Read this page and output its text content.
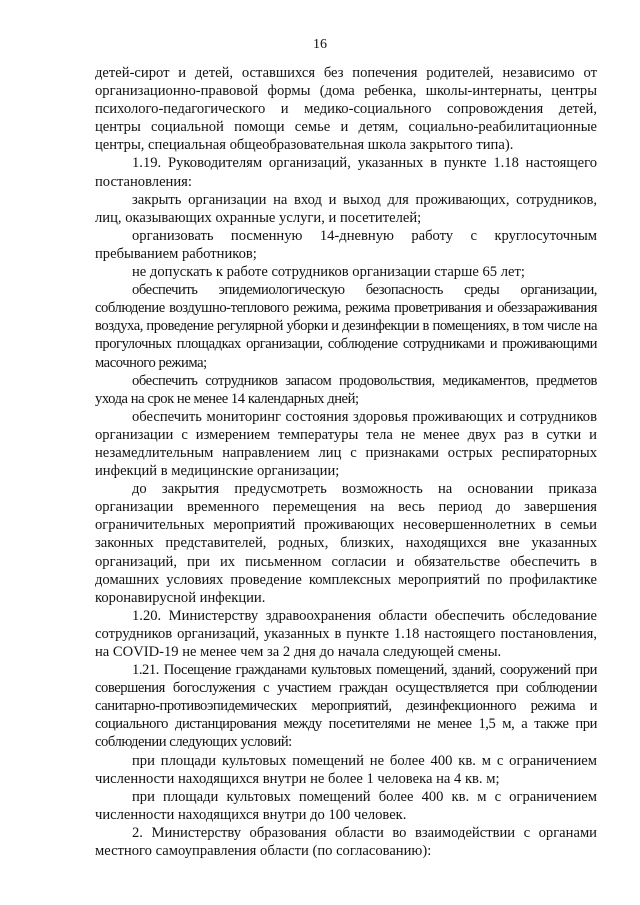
16

детей-сирот и детей, оставшихся без попечения родителей, независимо от организационно-правовой формы (дома ребенка, школы-интернаты, центры психолого-педагогического и медико-социального сопровождения детей, центры социальной помощи семье и детям, социально-реабилитационные центры, специальная общеобразовательная школа закрытого типа).

1.19. Руководителям организаций, указанных в пункте 1.18 настоящего постановления:

закрыть организации на вход и выход для проживающих, сотрудников, лиц, оказывающих охранные услуги, и посетителей;

организовать посменную 14-дневную работу с круглосуточным пребыванием работников;

не допускать к работе сотрудников организации старше 65 лет;

обеспечить эпидемиологическую безопасность среды организации, соблюдение воздушно-теплового режима, режима проветривания и обеззараживания воздуха, проведение регулярной уборки и дезинфекции в помещениях, в том числе на прогулочных площадках организации, соблюдение сотрудниками и проживающими масочного режима;

обеспечить сотрудников запасом продовольствия, медикаментов, предметов ухода на срок не менее 14 календарных дней;

обеспечить мониторинг состояния здоровья проживающих и сотрудников организации с измерением температуры тела не менее двух раз в сутки и незамедлительным направлением лиц с признаками острых респираторных инфекций в медицинские организации;

до закрытия предусмотреть возможность на основании приказа организации временного перемещения на весь период до завершения ограничительных мероприятий проживающих несовершеннолетних в семьи законных представителей, родных, близких, находящихся вне указанных организаций, при их письменном согласии и обязательстве обеспечить в домашних условиях проведение комплексных мероприятий по профилактике коронавирусной инфекции.

1.20. Министерству здравоохранения области обеспечить обследование сотрудников организаций, указанных в пункте 1.18 настоящего постановления, на COVID-19 не менее чем за 2 дня до начала следующей смены.

1.21. Посещение гражданами культовых помещений, зданий, сооружений при совершения богослужения с участием граждан осуществляется при соблюдении санитарно-противоэпидемических мероприятий, дезинфекционного режима и социального дистанцирования между посетителями не менее 1,5 м, а также при соблюдении следующих условий:

при площади культовых помещений не более 400 кв. м с ограничением численности находящихся внутри не более 1 человека на 4 кв. м;

при площади культовых помещений более 400 кв. м с ограничением численности находящихся внутри до 100 человек.

2. Министерству образования области во взаимодействии с органами местного самоуправления области (по согласованию):
